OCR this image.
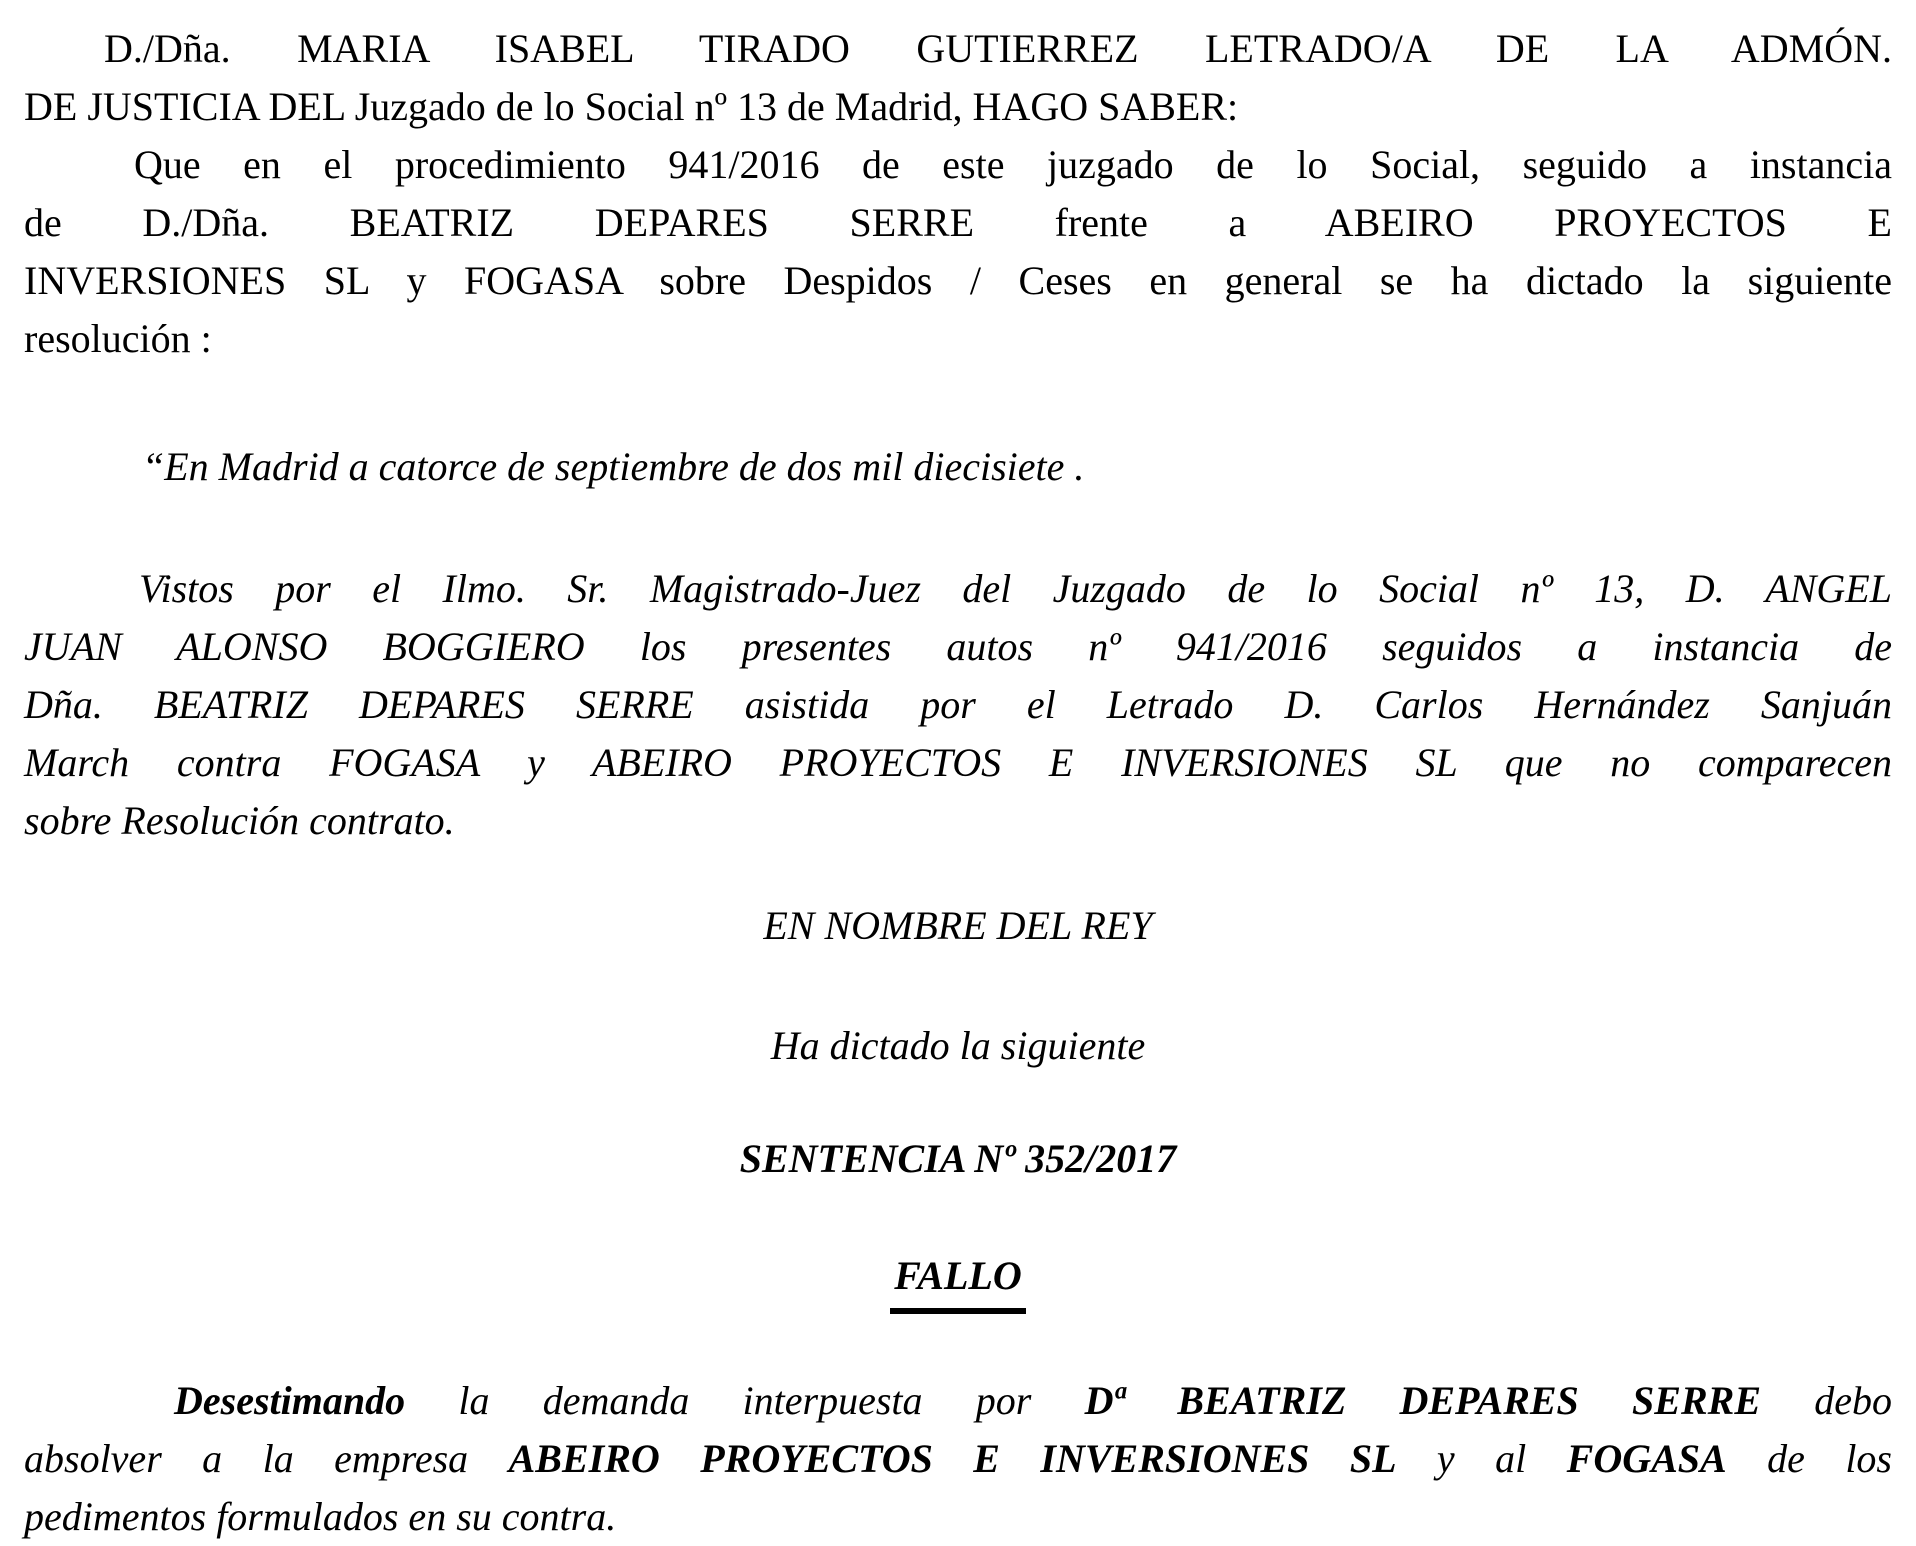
D./Dña. MARIA ISABEL TIRADO GUTIERREZ LETRADO/A DE LA ADMÓN.
DE JUSTICIA DEL Juzgado de lo Social nº 13 de Madrid, HAGO SABER:
Que en el procedimiento 941/2016 de este juzgado de lo Social, seguido a instancia
de D./Dña. BEATRIZ DEPARES SERRE frente a ABEIRO PROYECTOS E
INVERSIONES SL y FOGASA sobre Despidos / Ceses en general se ha dictado la siguiente
resolución :
“En Madrid a catorce de septiembre de dos mil diecisiete .
Vistos por el Ilmo. Sr. Magistrado-Juez del Juzgado de lo Social nº 13, D. ANGEL
JUAN ALONSO BOGGIERO los presentes autos nº 941/2016 seguidos a instancia de
Dña. BEATRIZ DEPARES SERRE asistida por el Letrado D. Carlos Hernández Sanjuán
March contra FOGASA y ABEIRO PROYECTOS E INVERSIONES SL que no comparecen
sobre Resolución contrato.
EN NOMBRE DEL REY
Ha dictado la siguiente
SENTENCIA Nº 352/2017
FALLO
Desestimando la demanda interpuesta por Dª BEATRIZ DEPARES SERRE debo
absolver a la empresa ABEIRO PROYECTOS E INVERSIONES SL y al FOGASA de los
pedimentos formulados en su contra.
